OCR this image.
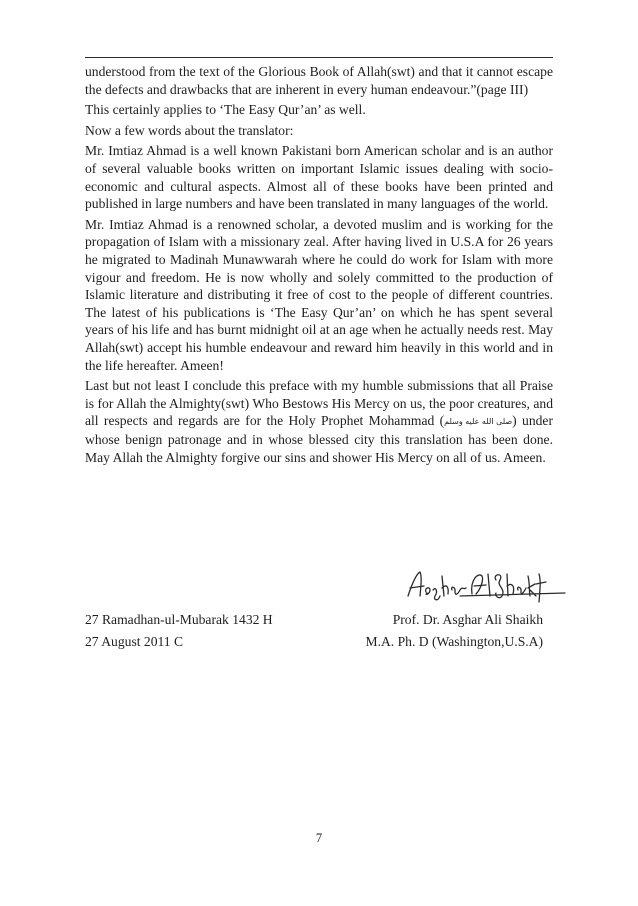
understood from the text of the Glorious Book of Allah(swt) and that it cannot escape the defects and drawbacks that are inherent in every human endeavour.”(page III)

This certainly applies to ‘The Easy Qur’an’ as well.

Now a few words about the translator:

Mr. Imtiaz Ahmad is a well known Pakistani born American scholar and is an author of several valuable books written on important Islamic issues dealing with socio-economic and cultural aspects. Almost all of these books have been printed and published in large numbers and have been translated in many languages of the world.

Mr. Imtiaz Ahmad is a renowned scholar, a devoted muslim and is working for the propagation of Islam with a missionary zeal. After having lived in U.S.A for 26 years he migrated to Madinah Munawwarah where he could do work for Islam with more vigour and freedom. He is now wholly and solely committed to the production of Islamic literature and distributing it free of cost to the people of different countries. The latest of his publications is ‘The Easy Qur’an’ on which he has spent several years of his life and has burnt midnight oil at an age when he actually needs rest. May Allah(swt) accept his humble endeavour and reward him heavily in this world and in the life hereafter. Ameen!

Last but not least I conclude this preface with my humble submissions that all Praise is for Allah the Almighty(swt) Who Bestows His Mercy on us, the poor creatures, and all respects and regards are for the Holy Prophet Mohammad (صلى الله عليه وسلم) under whose benign patronage and in whose blessed city this translation has been done. May Allah the Almighty forgive our sins and shower His Mercy on all of us. Ameen.

27 Ramadhan-ul-Mubarak 1432 H	Prof. Dr. Asghar Ali Shaikh
27 August 2011 C	M.A. Ph. D (Washington,U.S.A)
7
